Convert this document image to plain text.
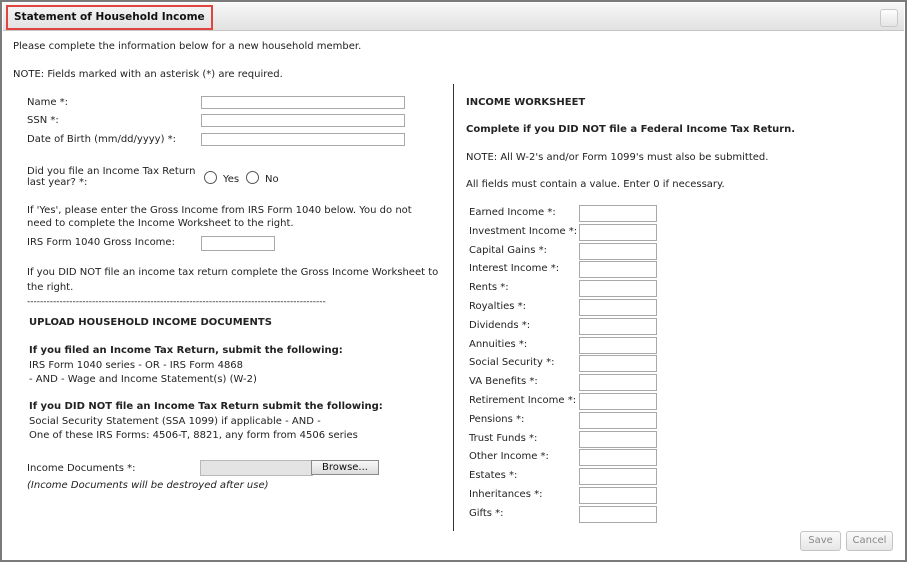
Statement of Household Income
Please complete the information below for a new household member.
NOTE: Fields marked with an asterisk (*) are required.
Name *:
SSN *:
Date of Birth (mm/dd/yyyy) *:
Did you file an Income Tax Return
last year? *:	Yes	No
If 'Yes', please enter the Gross Income from IRS Form 1040 below. You do not
need to complete the Income Worksheet to the right.
IRS Form 1040 Gross Income:
If you DID NOT file an income tax return complete the Gross Income Worksheet to
the right.
--------------------------------------------------------------------------------------------
UPLOAD HOUSEHOLD INCOME DOCUMENTS
If you filed an Income Tax Return, submit the following:
IRS Form 1040 series - OR - IRS Form 4868
- AND - Wage and Income Statement(s) (W-2)
If you DID NOT file an Income Tax Return submit the following:
Social Security Statement (SSA 1099) if applicable - AND -
One of these IRS Forms: 4506-T, 8821, any form from 4506 series
Income Documents *:	Browse...
(Income Documents will be destroyed after use)
INCOME WORKSHEET
Complete if you DID NOT file a Federal Income Tax Return.
NOTE: All W-2's and/or Form 1099's must also be submitted.
All fields must contain a value. Enter 0 if necessary.
Earned Income *:
Investment Income *:
Capital Gains *:
Interest Income *:
Rents *:
Royalties *:
Dividends *:
Annuities *:
Social Security *:
VA Benefits *:
Retirement Income *:
Pensions *:
Trust Funds *:
Other Income *:
Estates *:
Inheritances *:
Gifts *:
Save	Cancel
